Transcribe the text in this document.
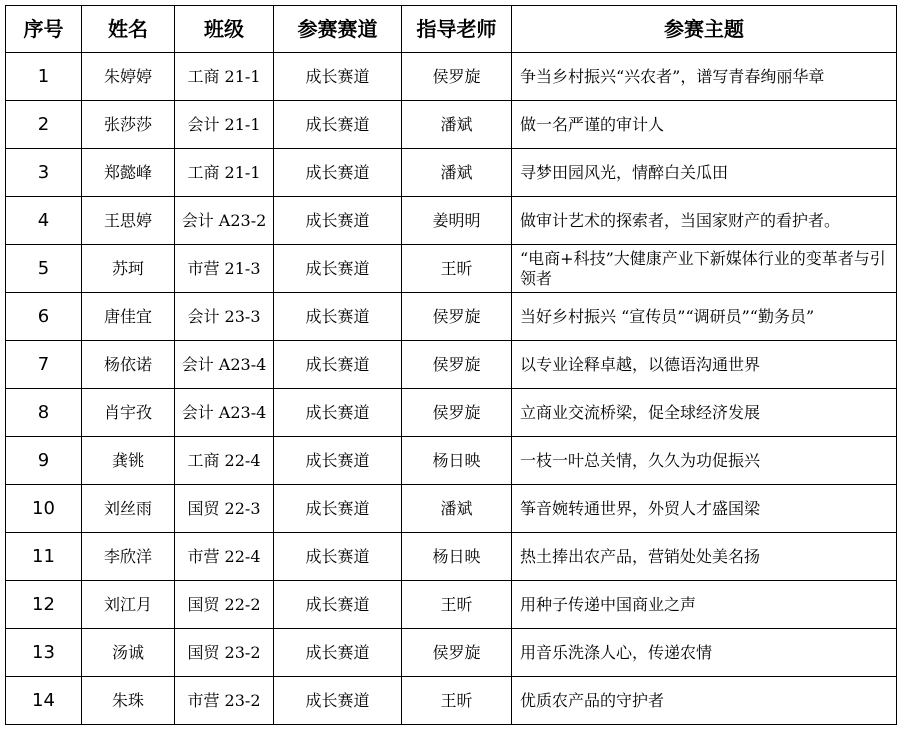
序号	姓名	班级	参赛赛道	指导老师	参赛主题
1	朱婷婷	工商 21-1	成长赛道	侯罗旋	争当乡村振兴“兴农者”，谱写青春绚丽华章
2	张莎莎	会计 21-1	成长赛道	潘斌	做一名严谨的审计人
3	郑懿峰	工商 21-1	成长赛道	潘斌	寻梦田园风光，情醉白关瓜田
4	王思婷	会计 A23-2	成长赛道	姜明明	做审计艺术的探索者，当国家财产的看护者。
5	苏珂	市营 21-3	成长赛道	王昕	“电商+科技”大健康产业下新媒体行业的变革者与引领者
6	唐佳宜	会计 23-3	成长赛道	侯罗旋	当好乡村振兴 “宣传员”“调研员”“勤务员”
7	杨依诺	会计 A23-4	成长赛道	侯罗旋	以专业诠释卓越，以德语沟通世界
8	肖宇孜	会计 A23-4	成长赛道	侯罗旋	立商业交流桥梁，促全球经济发展
9	龚铫	工商 22-4	成长赛道	杨日映	一枝一叶总关情，久久为功促振兴
10	刘丝雨	国贸 22-3	成长赛道	潘斌	筝音婉转通世界，外贸人才盛国梁
11	李欣洋	市营 22-4	成长赛道	杨日映	热土捧出农产品，营销处处美名扬
12	刘江月	国贸 22-2	成长赛道	王昕	用种子传递中国商业之声
13	汤诚	国贸 23-2	成长赛道	侯罗旋	用音乐洗涤人心，传递农情
14	朱珠	市营 23-2	成长赛道	王昕	优质农产品的守护者
